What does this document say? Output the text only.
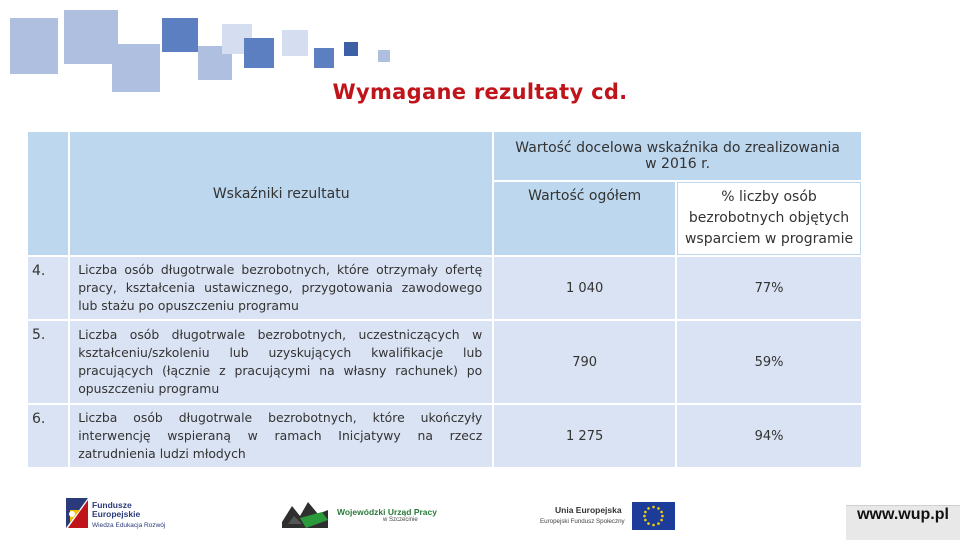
Wymagane rezultaty cd.
	Wskaźniki rezultatu	Wartość docelowa wskaźnika do zrealizowania w 2016 r.	
		Wartość ogółem	% liczby osób bezrobotnych objętych wsparciem w programie
4.	Liczba osób długotrwale bezrobotnych, które otrzymały ofertę pracy, kształcenia ustawicznego, przygotowania zawodowego lub stażu po opuszczeniu programu	1 040	77%
5.	Liczba osób długotrwale bezrobotnych, uczestniczących w kształceniu/szkoleniu lub uzyskujących kwalifikacje lub pracujących (łącznie z pracującymi na własny rachunek) po opuszczeniu programu	790	59%
6.	Liczba osób długotrwale bezrobotnych, które ukończyły interwencję wspieraną w ramach Inicjatywy na rzecz zatrudnienia ludzi młodych	1 275	94%
Fundusze
Europejskie
Wiedza Edukacja Rozwój
Wojewódzki Urząd Pracy
w Szczecinie
Unia Europejska
Europejski Fundusz Społeczny	www.wup.pl
